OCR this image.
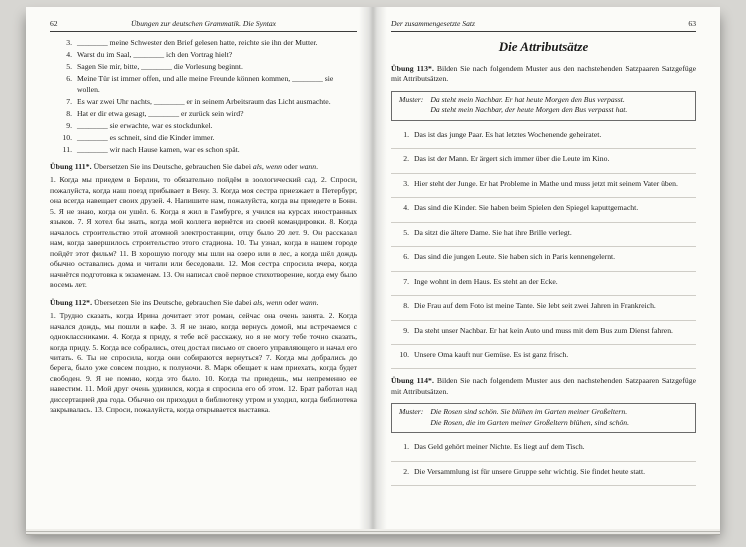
62	Übungen zur deutschen Grammatik. Die Syntax
3. ________ meine Schwester den Brief gelesen hatte, reichte sie ihn der Mutter.
4. Warst du im Saal, ________ ich den Vortrag hielt?
5. Sagen Sie mir, bitte, ________ die Vorlesung beginnt.
6. Meine Tür ist immer offen, und alle meine Freunde können kommen, ________ sie wollen.
7. Es war zwei Uhr nachts, ________ er in seinem Arbeitsraum das Licht ausmachte.
8. Hat er dir etwa gesagt, ________ er zurück sein wird?
9. ________ sie erwachte, war es stockdunkel.
10. ________ es schneit, sind die Kinder immer.
11. ________ wir nach Hause kamen, war es schon spät.

Übung 111*. Übersetzen Sie ins Deutsche, gebrauchen Sie dabei als, wenn oder wann.

1. Когда мы приедем в Берлин, то обязательно пойдём в зоологический сад. 2. Спроси, пожалуйста, когда наш поезд прибывает в Вену. 3. Когда моя сестра приезжает в Петербург, она всегда навещает своих друзей. 4. Напишите нам, пожалуйста, когда вы приедете в Бонн. 5. Я не знаю, когда он ушёл. 6. Когда я жил в Гамбурге, я учился на курсах иностранных языков. 7. Я хотел бы знать, когда мой коллега вернётся из своей командировки. 8. Когда началось строительство этой атомной электростанции, отцу было 20 лет. 9. Он рассказал нам, когда завершилось строительство этого стадиона. 10. Ты узнал, когда в нашем городе пойдёт этот фильм? 11. В хорошую погоду мы шли на озеро или в лес, а когда шёл дождь обычно оставались дома и читали или беседовали. 12. Моя сестра спросила вчера, когда начнётся подготовка к экзаменам. 13. Он написал своё первое стихотворение, когда ему было восемь лет.

Übung 112*. Übersetzen Sie ins Deutsche, gebrauchen Sie dabei als, wenn oder wann.

1. Трудно сказать, когда Ирина дочитает этот роман, сейчас она очень занята. 2. Когда начался дождь, мы пошли в кафе. 3. Я не знаю, когда вернусь домой, мы встречаемся с одноклассниками. 4. Когда я приду, я тебе всё расскажу, но я не могу тебе точно сказать, когда приду. 5. Когда все собрались, отец достал письмо от своего управляющего и начал его читать. 6. Ты не спросила, когда они собираются вернуться? 7. Когда мы добрались до берега, было уже совсем поздно, к полуночи. 8. Марк обещает к нам приехать, когда будет свободен. 9. Я не помню, когда это было. 10. Когда ты приедешь, мы непременно ее навестим. 11. Мой друг очень удивился, когда я спросила его об этом. 12. Брат работал над диссертацией два года. Обычно он приходил в библиотеку утром и уходил, когда библиотека закрывалась. 13. Спроси, пожалуйста, когда открывается выставка.

Der zusammengesetzte Satz	63
Die Attributsätze

Übung 113*. Bilden Sie nach folgendem Muster aus den nachstehenden Satzpaaren Satzgefüge mit Attributsätzen.

Muster: Da steht mein Nachbar. Er hat heute Morgen den Bus verpasst.
Da steht mein Nachbar, der heute Morgen den Bus verpasst hat.
1. Das ist das junge Paar. Es hat letztes Wochenende geheiratet.
2. Das ist der Mann. Er ärgert sich immer über die Leute im Kino.
3. Hier steht der Junge. Er hat Probleme in Mathe und muss jetzt mit seinem Vater üben.
4. Das sind die Kinder. Sie haben beim Spielen den Spiegel kaputtgemacht.
5. Da sitzt die ältere Dame. Sie hat ihre Brille verlegt.
6. Das sind die jungen Leute. Sie haben sich in Paris kennengelernt.
7. Inge wohnt in dem Haus. Es steht an der Ecke.
8. Die Frau auf dem Foto ist meine Tante. Sie lebt seit zwei Jahren in Frankreich.
9. Da steht unser Nachbar. Er hat kein Auto und muss mit dem Bus zum Dienst fahren.
10. Unsere Oma kauft nur Gemüse. Es ist ganz frisch.

Übung 114*. Bilden Sie nach folgendem Muster aus den nachstehenden Satzpaaren Satzgefüge mit Attributsätzen.

Muster: Die Rosen sind schön. Sie blühen im Garten meiner Großeltern.
Die Rosen, die im Garten meiner Großeltern blühen, sind schön.
1. Das Geld gehört meiner Nichte. Es liegt auf dem Tisch.
2. Die Versammlung ist für unsere Gruppe sehr wichtig. Sie findet heute statt.
